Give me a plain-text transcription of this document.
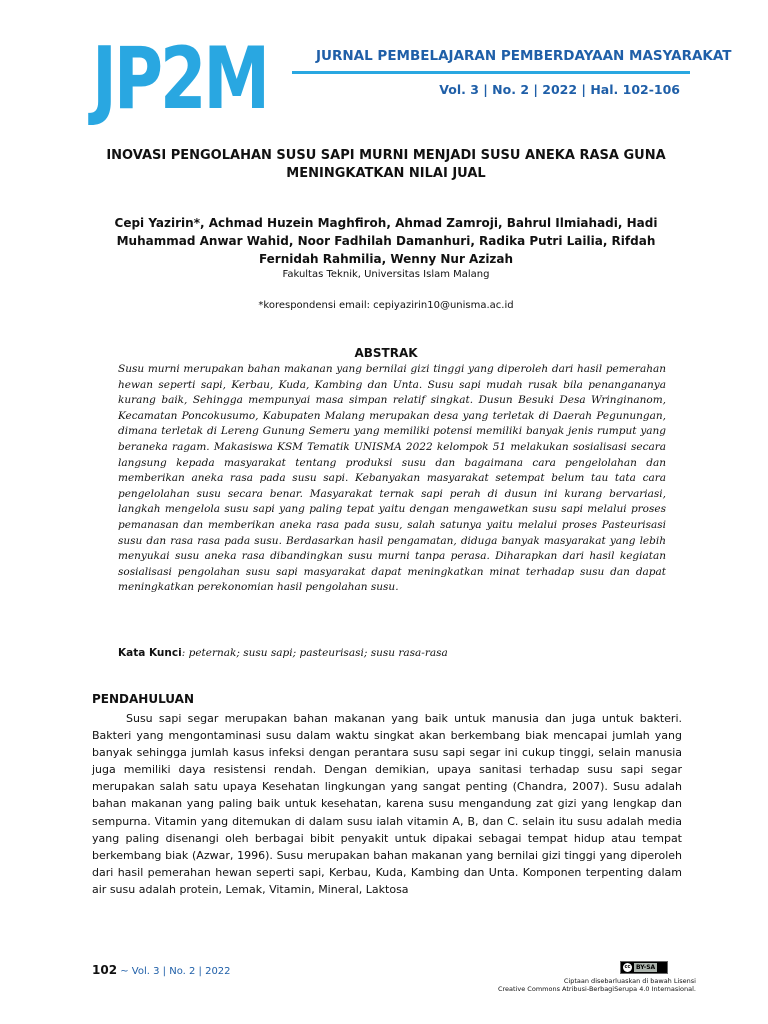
JP2M	JURNAL PEMBELAJARAN PEMBERDAYAAN MASYARAKAT
Vol. 3 | No. 2 | 2022 | Hal. 102-106
INOVASI PENGOLAHAN SUSU SAPI MURNI MENJADI SUSU ANEKA RASA GUNA
MENINGKATKAN NILAI JUAL
Cepi Yazirin*, Achmad Huzein Maghfiroh, Ahmad Zamroji, Bahrul Ilmiahadi, Hadi
Muhammad Anwar Wahid, Noor Fadhilah Damanhuri, Radika Putri Lailia, Rifdah
Fernidah Rahmilia, Wenny Nur Azizah
Fakultas Teknik, Universitas Islam Malang
*korespondensi email: cepiyazirin10@unisma.ac.id
ABSTRAK

Susu murni merupakan bahan makanan yang bernilai gizi tinggi yang diperoleh dari hasil pemerahan hewan seperti sapi, Kerbau, Kuda, Kambing dan Unta. Susu sapi mudah rusak bila penangananya kurang baik, Sehingga mempunyai masa simpan relatif singkat. Dusun Besuki Desa Wringinanom, Kecamatan Poncokusumo, Kabupaten Malang merupakan desa yang terletak di Daerah Pegunungan, dimana terletak di Lereng Gunung Semeru yang memiliki potensi memiliki banyak jenis rumput yang beraneka ragam. Makasiswa KSM Tematik UNISMA 2022 kelompok 51 melakukan sosialisasi secara langsung kepada masyarakat tentang produksi susu dan bagaimana cara pengelolahan dan memberikan aneka rasa pada susu sapi. Kebanyakan masyarakat setempat belum tau tata cara pengelolahan susu secara benar. Masyarakat ternak sapi perah di dusun ini kurang bervariasi, langkah mengelola susu sapi yang paling tepat yaitu dengan mengawetkan susu sapi melalui proses pemanasan dan memberikan aneka rasa pada susu, salah satunya yaitu melalui proses Pasteurisasi susu dan rasa rasa pada susu. Berdasarkan hasil pengamatan, diduga banyak masyarakat yang lebih menyukai susu aneka rasa dibandingkan susu murni tanpa perasa. Diharapkan dari hasil kegiatan sosialisasi pengolahan susu sapi masyarakat dapat meningkatkan minat terhadap susu dan dapat meningkatkan perekonomian hasil pengolahan susu.

Kata Kunci: peternak; susu sapi; pasteurisasi; susu rasa-rasa
PENDAHULUAN

Susu sapi segar merupakan bahan makanan yang baik untuk manusia dan juga untuk bakteri. Bakteri yang mengontaminasi susu dalam waktu singkat akan berkembang biak mencapai jumlah yang banyak sehingga jumlah kasus infeksi dengan perantara susu sapi segar ini cukup tinggi, selain manusia juga memiliki daya resistensi rendah. Dengan demikian, upaya sanitasi terhadap susu sapi segar merupakan salah satu upaya Kesehatan lingkungan yang sangat penting (Chandra, 2007). Susu adalah bahan makanan yang paling baik untuk kesehatan, karena susu mengandung zat gizi yang lengkap dan sempurna. Vitamin yang ditemukan di dalam susu ialah vitamin A, B, dan C. selain itu susu adalah media yang paling disenangi oleh berbagai bibit penyakit untuk dipakai sebagai tempat hidup atau tempat berkembang biak (Azwar, 1996). Susu merupakan bahan makanan yang bernilai gizi tinggi yang diperoleh dari hasil pemerahan hewan seperti sapi, Kerbau, Kuda, Kambing dan Unta. Komponen terpenting dalam air susu adalah protein, Lemak, Vitamin, Mineral, Laktosa

102 ~ Vol. 3 | No. 2 | 2022	cc BY-SA
Ciptaan disebarluaskan di bawah Lisensi
Creative Commons Atribusi-BerbagiSerupa 4.0 Internasional.
